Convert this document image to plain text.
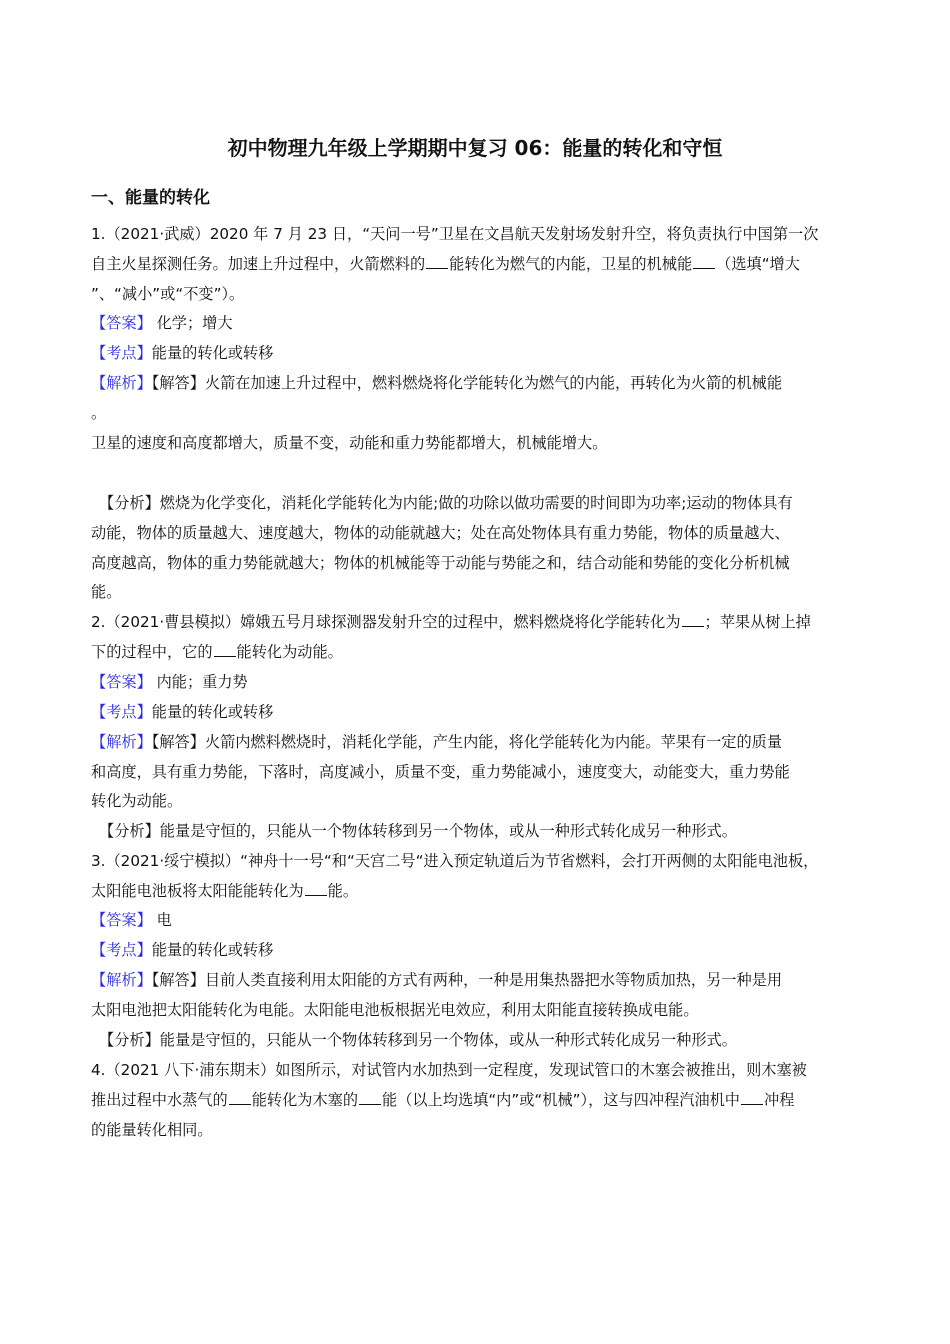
初中物理九年级上学期期中复习 06：能量的转化和守恒
一、能量的转化
1.（2021·武威）2020 年 7 月 23 日，“天问一号”卫星在文昌航天发射场发射升空，将负责执行中国第一次
自主火星探测任务。加速上升过程中，火箭燃料的 能转化为燃气的内能，卫星的机械能 （选填“增大
”、“减小”或“不变”）。
【答案】 化学；增大
【考点】能量的转化或转移
【解析】【解答】火箭在加速上升过程中，燃料燃烧将化学能转化为燃气的内能，再转化为火箭的机械能
。
卫星的速度和高度都增大，质量不变，动能和重力势能都增大，机械能增大。
【分析】燃烧为化学变化，消耗化学能转化为内能;做的功除以做功需要的时间即为功率;运动的物体具有
动能，物体的质量越大、速度越大，物体的动能就越大；处在高处物体具有重力势能，物体的质量越大、
高度越高，物体的重力势能就越大；物体的机械能等于动能与势能之和，结合动能和势能的变化分析机械
能。
2.（2021·曹县模拟）嫦娥五号月球探测器发射升空的过程中，燃料燃烧将化学能转化为 ；苹果从树上掉
下的过程中，它的 能转化为动能。
【答案】 内能；重力势
【考点】能量的转化或转移
【解析】【解答】火箭内燃料燃烧时，消耗化学能，产生内能，将化学能转化为内能。苹果有一定的质量
和高度，具有重力势能，下落时，高度减小，质量不变，重力势能减小，速度变大，动能变大，重力势能
转化为动能。
【分析】能量是守恒的，只能从一个物体转移到另一个物体，或从一种形式转化成另一种形式。
3.（2021·绥宁模拟）“神舟十一号“和“天宫二号“进入预定轨道后为节省燃料，会打开两侧的太阳能电池板，
太阳能电池板将太阳能能转化为 能。
【答案】 电
【考点】能量的转化或转移
【解析】【解答】目前人类直接利用太阳能的方式有两种，一种是用集热器把水等物质加热，另一种是用
太阳电池把太阳能转化为电能。太阳能电池板根据光电效应，利用太阳能直接转换成电能。
【分析】能量是守恒的，只能从一个物体转移到另一个物体，或从一种形式转化成另一种形式。
4.（2021 八下·浦东期末）如图所示，对试管内水加热到一定程度，发现试管口的木塞会被推出，则木塞被
推出过程中水蒸气的 能转化为木塞的 能（以上均选填“内”或“机械”），这与四冲程汽油机中 冲程
的能量转化相同。
